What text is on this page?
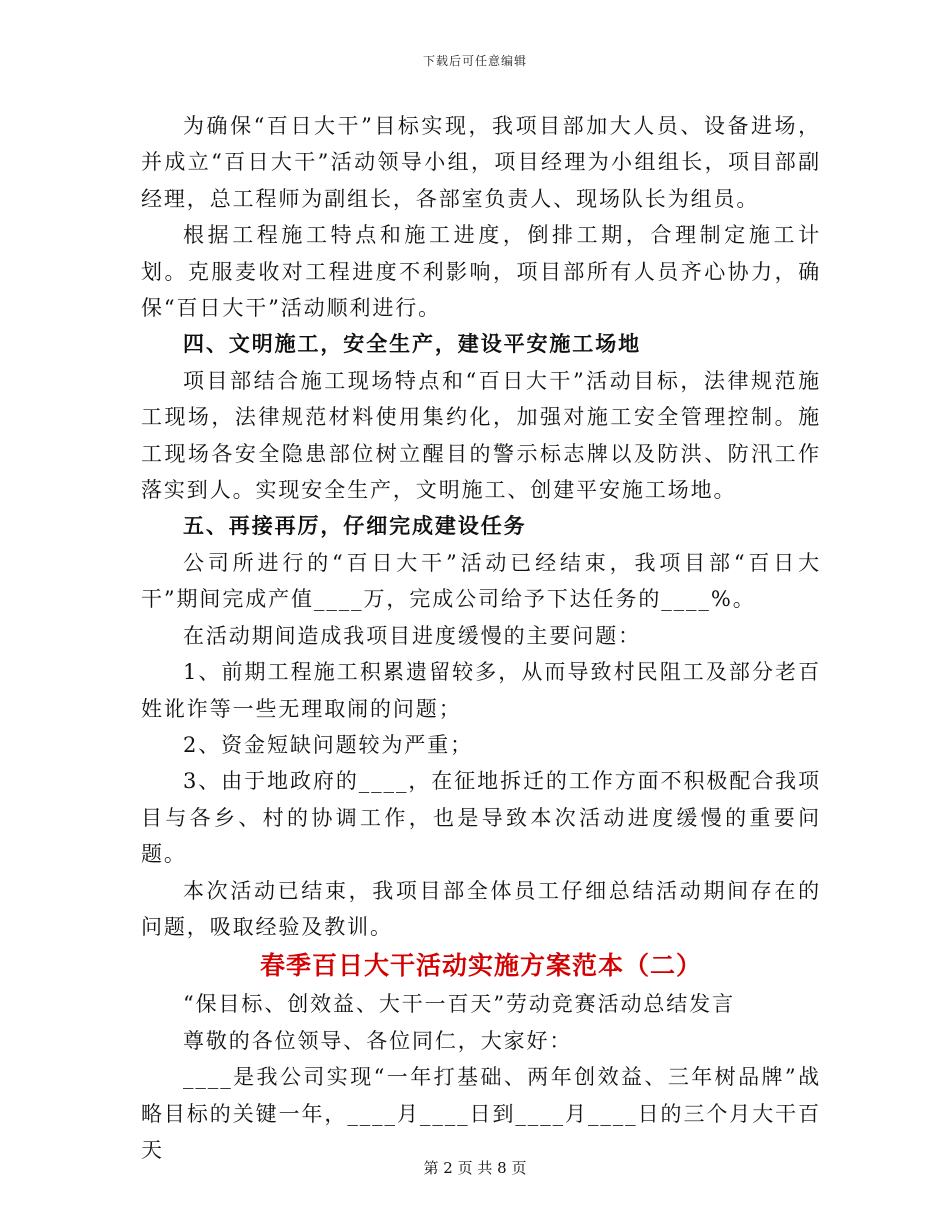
下载后可任意编辑

为确保“百日大干”目标实现，我项目部加大人员、设备进场，并成立“百日大干”活动领导小组，项目经理为小组组长，项目部副经理，总工程师为副组长，各部室负责人、现场队长为组员。

根据工程施工特点和施工进度，倒排工期，合理制定施工计划。克服麦收对工程进度不利影响，项目部所有人员齐心协力，确保“百日大干”活动顺利进行。

四、文明施工，安全生产，建设平安施工场地

项目部结合施工现场特点和“百日大干”活动目标，法律规范施工现场，法律规范材料使用集约化，加强对施工安全管理控制。施工现场各安全隐患部位树立醒目的警示标志牌以及防洪、防汛工作落实到人。实现安全生产，文明施工、创建平安施工场地。

五、再接再厉，仔细完成建设任务

公司所进行的“百日大干”活动已经结束，我项目部“百日大干”期间完成产值____万，完成公司给予下达任务的____%。

在活动期间造成我项目进度缓慢的主要问题：

1、前期工程施工积累遗留较多，从而导致村民阻工及部分老百姓讹诈等一些无理取闹的问题；

2、资金短缺问题较为严重；

3、由于地政府的____，在征地拆迁的工作方面不积极配合我项目与各乡、村的协调工作，也是导致本次活动进度缓慢的重要问题。

本次活动已结束，我项目部全体员工仔细总结活动期间存在的问题，吸取经验及教训。

春季百日大干活动实施方案范本（二）

“保目标、创效益、大干一百天”劳动竞赛活动总结发言

尊敬的各位领导、各位同仁，大家好：

____是我公司实现“一年打基础、两年创效益、三年树品牌”战略目标的关键一年，____月____日到____月____日的三个月大干百天

第 2 页 共 8 页
